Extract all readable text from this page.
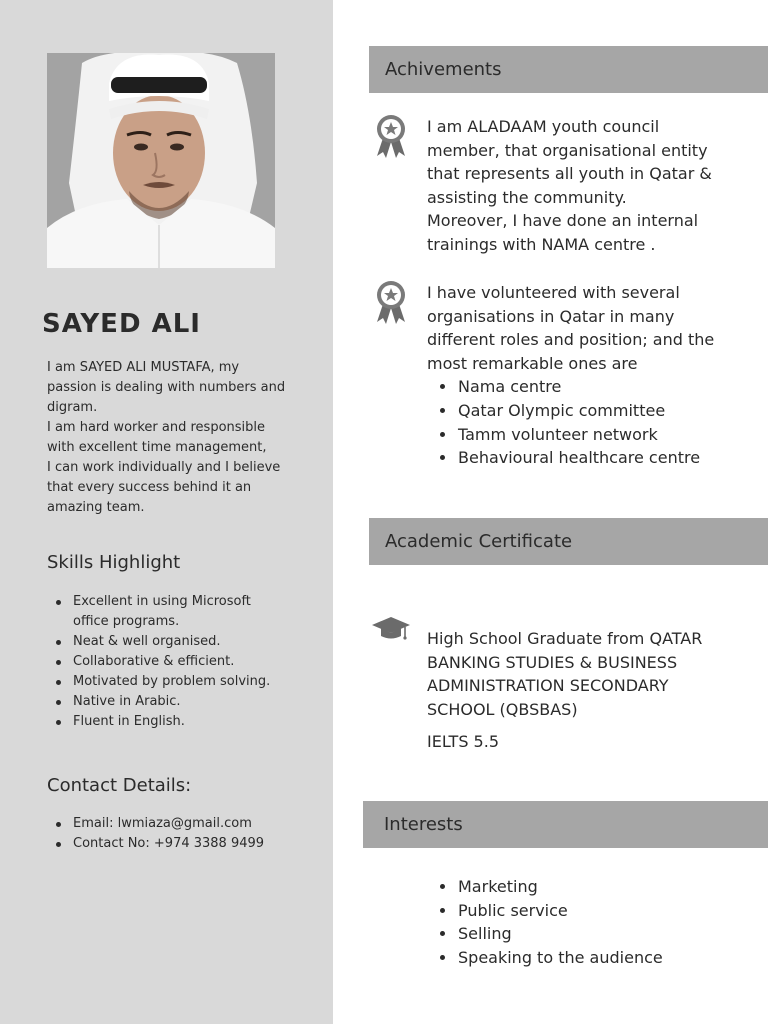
SAYED ALI
I am SAYED ALI MUSTAFA, my
passion is dealing with numbers and
digram.
I am hard worker and responsible
with excellent time management,
I can work individually and I believe
that every success behind it an
amazing team.
Skills Highlight
Excellent in using Microsoft
office programs.
Neat & well organised.
Collaborative & efficient.
Motivated by problem solving.
Native in Arabic.
Fluent in English.
Contact Details:
Email: lwmiaza@gmail.com
Contact No: +974 3388 9499
Achivements
I am ALADAAM youth council
member, that organisational entity
that represents all youth in Qatar &
assisting the community.
Moreover, I have done an internal
trainings with NAMA centre .
I have volunteered with several
organisations in Qatar in many
different roles and position; and the
most remarkable ones are
Nama centre
Qatar Olympic committee
Tamm volunteer network
Behavioural healthcare centre
Academic Certificate
High School Graduate from QATAR
BANKING STUDIES & BUSINESS
ADMINISTRATION SECONDARY
SCHOOL (QBSBAS)
IELTS 5.5
Interests
Marketing
Public service
Selling
Speaking to the audience
